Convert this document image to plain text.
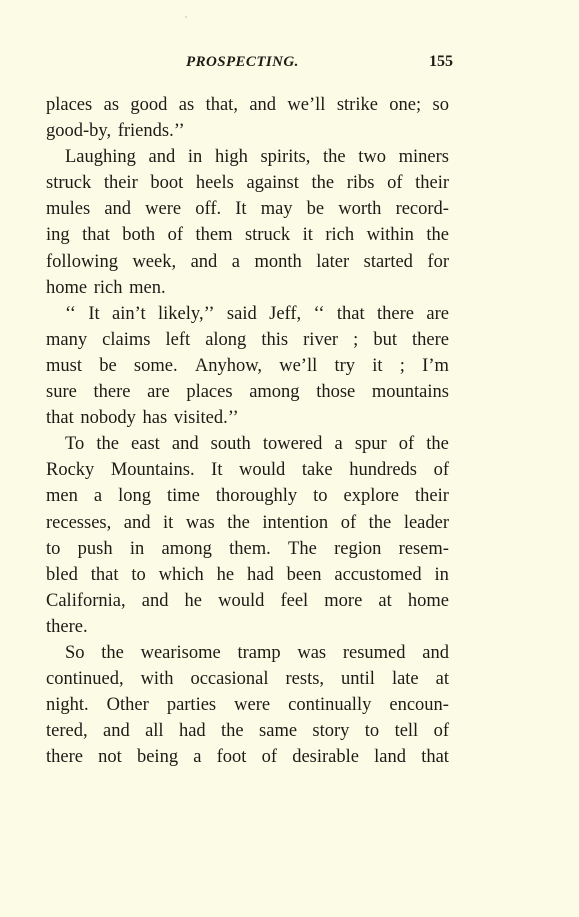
PROSPECTING.	155
places as good as that, and we’ll strike one; so
good-by, friends.’’
Laughing and in high spirits, the two miners
struck their boot heels against the ribs of their
mules and were off. It may be worth record-
ing that both of them struck it rich within the
following week, and a month later started for
home rich men.
‘‘ It ain’t likely,’’ said Jeff, ‘‘ that there are
many claims left along this river ; but there
must be some. Anyhow, we’ll try it ; I’m
sure there are places among those mountains
that nobody has visited.’’
To the east and south towered a spur of the
Rocky Mountains. It would take hundreds of
men a long time thoroughly to explore their
recesses, and it was the intention of the leader
to push in among them. The region resem-
bled that to which he had been accustomed in
California, and he would feel more at home
there.
So the wearisome tramp was resumed and
continued, with occasional rests, until late at
night. Other parties were continually encoun-
tered, and all had the same story to tell of
there not being a foot of desirable land that
